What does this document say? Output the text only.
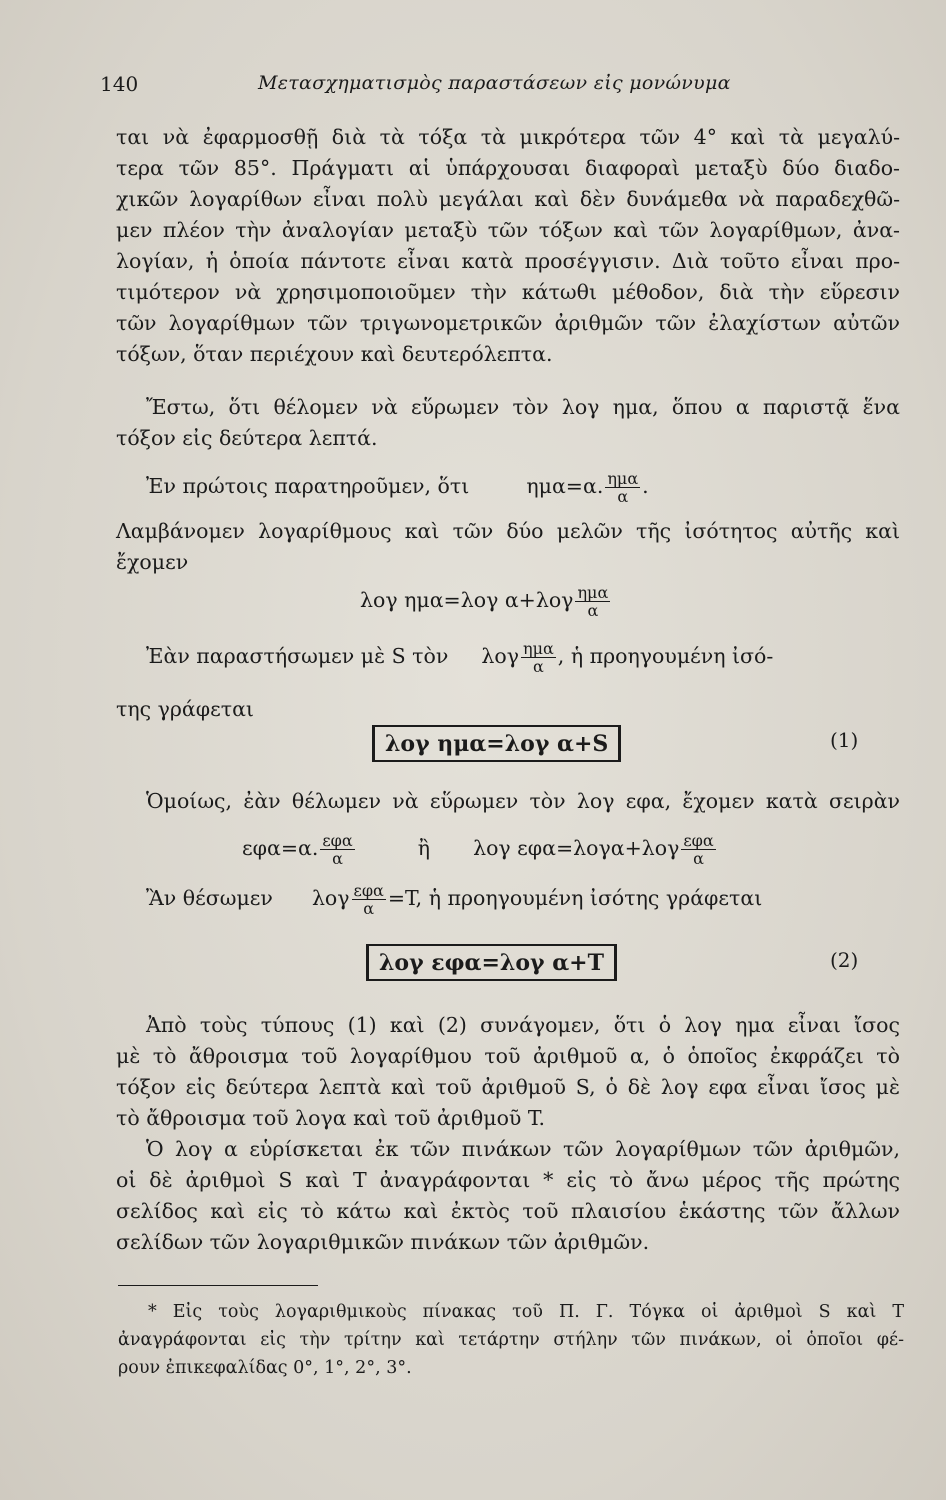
140	Μετασχηματισμὸς παραστάσεων εἰς μονώνυμα
ται νὰ ἐφαρμοσθῇ διὰ τὰ τόξα τὰ μικρότερα τῶν 4° καὶ τὰ μεγαλύ-
τερα τῶν 85°. Πράγματι αἱ ὑπάρχουσαι διαφοραὶ μεταξὺ δύο διαδο-
χικῶν λογαρίθων εἶναι πολὺ μεγάλαι καὶ δὲν δυνάμεθα νὰ παραδεχθῶ-
μεν πλέον τὴν ἀναλογίαν μεταξὺ τῶν τόξων καὶ τῶν λογαρίθμων, ἀνα-
λογίαν, ἡ ὁποία πάντοτε εἶναι κατὰ προσέγγισιν. Διὰ τοῦτο εἶναι προ-
τιμότερον νὰ χρησιμοποιοῦμεν τὴν κάτωθι μέθοδον, διὰ τὴν εὕρεσιν
τῶν λογαρίθμων τῶν τριγωνομετρικῶν ἀριθμῶν τῶν ἐλαχίστων αὐτῶν
τόξων, ὅταν περιέχουν καὶ δευτερόλεπτα.
Ἔστω, ὅτι θέλομεν νὰ εὕρωμεν τὸν λογ ημα, ὅπου α παριστᾷ ἕνα
τόξον εἰς δεύτερα λεπτά.
Ἐν πρώτοις παρατηροῦμεν, ὅτι	ημα=α. $\frac{\text{ημα}}{\alpha}$ .
Λαμβάνομεν λογαρίθμους καὶ τῶν δύο μελῶν τῆς ἰσότητος αὐτῆς καὶ
ἔχομεν
λογ ημα=λογ $\alpha+\lambda o\gamma \frac{\text{ημα}}{\alpha}$
Ἐὰν παραστήσωμεν μὲ S τὸν λογ $\frac{\text{ημα}}{\alpha}$ , ἡ προηγουμένη ἰσό-
της γράφεται
λογ ημα=λογ α+S	(1)
Ὁμοίως, ἐὰν θέλωμεν νὰ εὕρωμεν τὸν λογ εφα, ἔχομεν κατὰ σειρὰν
εφα=α. $\frac{\text{εφα}}{\alpha}$	ἢ λογ $\varepsilon\varphi\alpha=\lambda o\gamma\alpha+\lambda o\gamma \frac{\text{εφα}}{\alpha}$
Ἂν θέσωμεν λογ $\frac{\text{εφα}}{\alpha} =T$, ἡ προηγουμένη ἰσότης γράφεται
λογ εφα=λογ α+T	(2)
Ἀπὸ τοὺς τύπους (1) καὶ (2) συνάγομεν, ὅτι ὁ λογ ημα εἶναι ἴσος
μὲ τὸ ἄθροισμα τοῦ λογαρίθμου τοῦ ἀριθμοῦ α, ὁ ὁποῖος ἐκφράζει τὸ
τόξον εἰς δεύτερα λεπτὰ καὶ τοῦ ἀριθμοῦ S, ὁ δὲ λογ εφα εἶναι ἴσος μὲ
τὸ ἄθροισμα τοῦ λογα καὶ τοῦ ἀριθμοῦ T.
Ὁ λογ α εὑρίσκεται ἐκ τῶν πινάκων τῶν λογαρίθμων τῶν ἀριθμῶν,
οἱ δὲ ἀριθμοὶ S καὶ T ἀναγράφονται * εἰς τὸ ἄνω μέρος τῆς πρώτης
σελίδος καὶ εἰς τὸ κάτω καὶ ἐκτὸς τοῦ πλαισίου ἑκάστης τῶν ἄλλων
σελίδων τῶν λογαριθμικῶν πινάκων τῶν ἀριθμῶν.
* Εἰς τοὺς λογαριθμικοὺς πίνακας τοῦ Π. Γ. Τόγκα οἱ ἀριθμοὶ S καὶ T
ἀναγράφονται εἰς τὴν τρίτην καὶ τετάρτην στήλην τῶν πινάκων, οἱ ὁποῖοι φέ-
ρουν ἐπικεφαλίδας 0°, 1°, 2°, 3°.
